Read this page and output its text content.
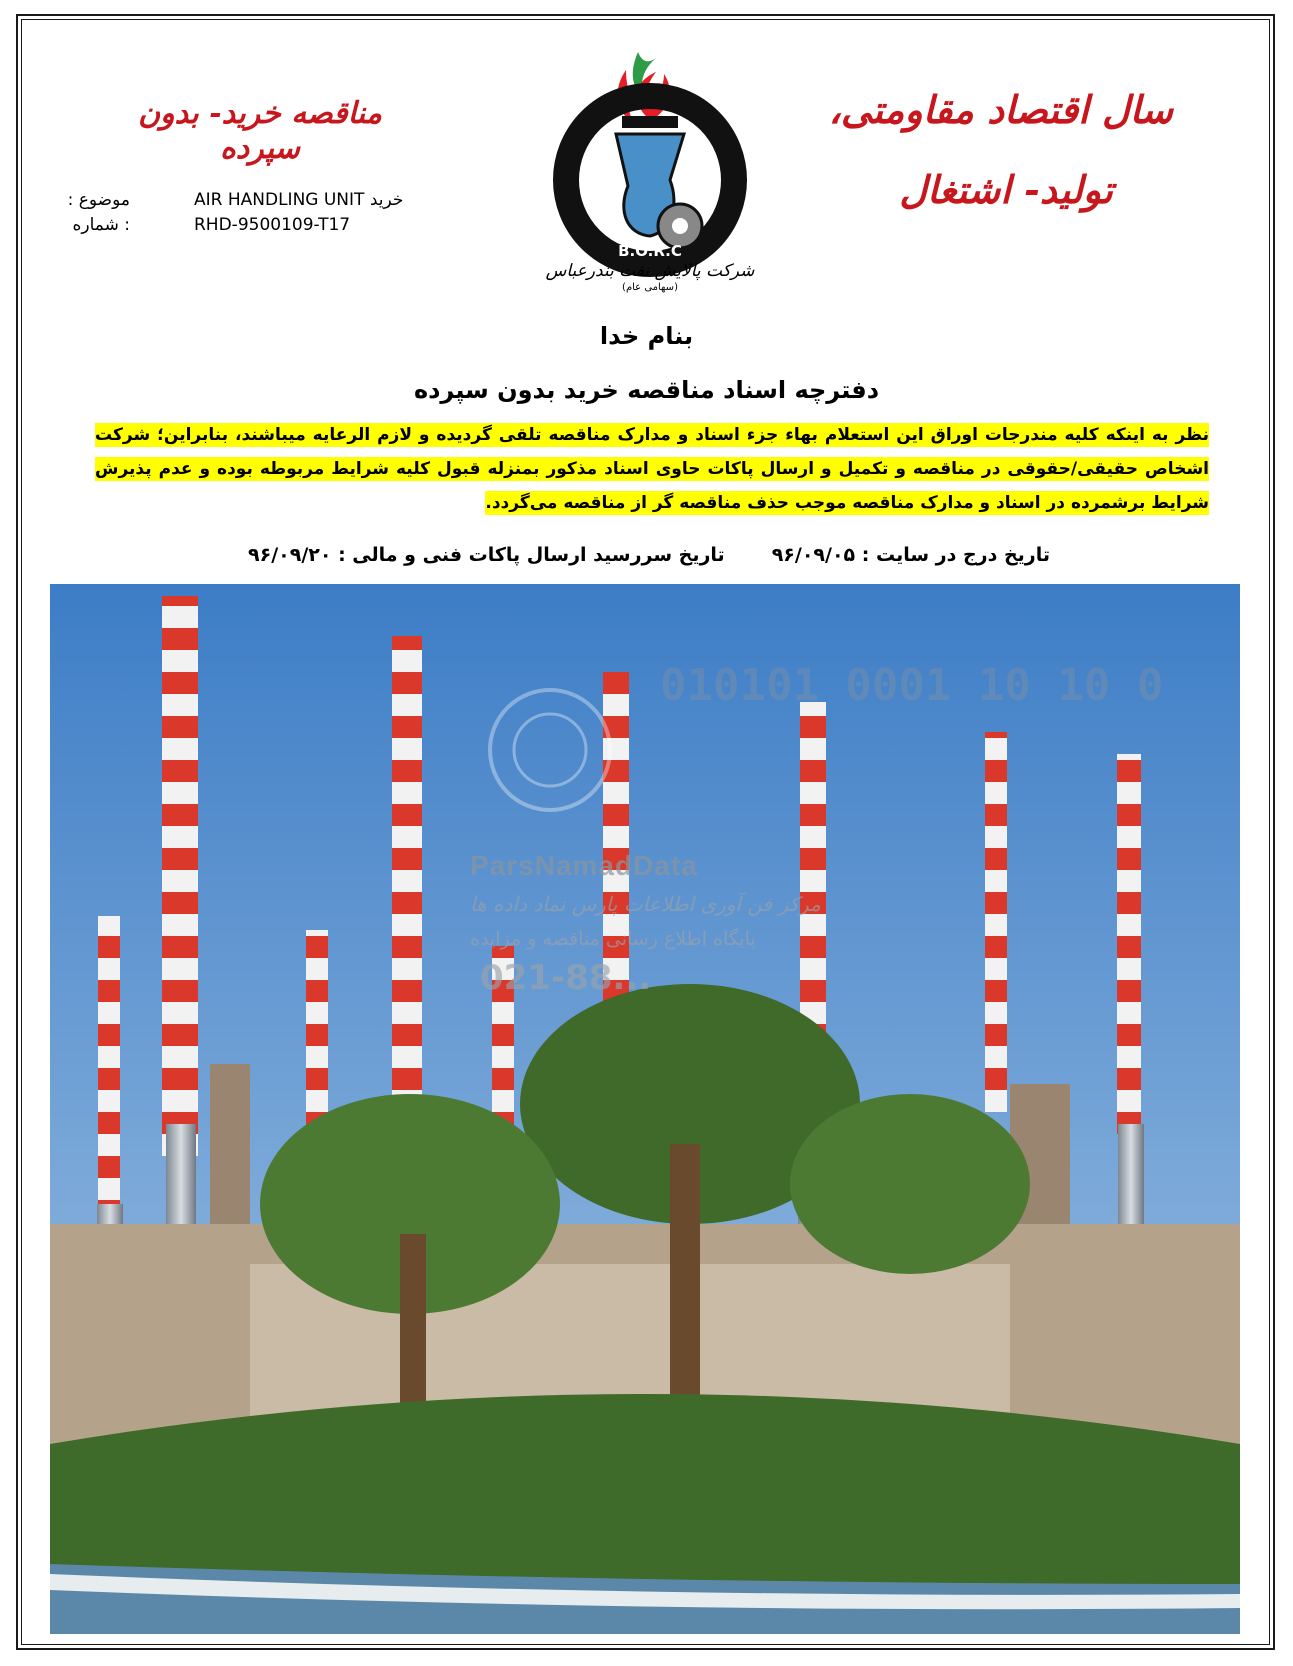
سال اقتصاد مقاومتی،
تولید- اشتغال
مناقصه خرید- بدون سپرده
موضوع :	AIR HANDLING UNIT خرید
: شماره	RHD-9500109-T17
B.O.R.C
شرکت پالایش نفت بندرعباس
(سهامی عام)
بنام خدا
دفترچه اسناد مناقصه خرید بدون سپرده
نظر به اینکه کلیه مندرجات اوراق این استعلام بهاء جزء اسناد و مدارک مناقصه تلقی گردیده و لازم الرعایه میباشند، بنابراین؛ شرکت اشخاص حقیقی/حقوقی در مناقصه و تکمیل و ارسال پاکات حاوی اسناد مذکور بمنزله قبول کلیه شرایط مربوطه بوده و عدم پذیرش شرایط برشمرده در اسناد و مدارک مناقصه موجب حذف مناقصه گر از مناقصه می‌گردد.
تاریخ درج در سایت : ۹۶/۰۹/۰۵
تاریخ سررسید ارسال پاکات فنی و مالی : ۹۶/۰۹/۲۰
010101 0001 10 10 0
ParsNamadData
مرکز فن آوری اطلاعات پارس نماد داده ها
پایگاه اطلاع رسانی مناقصه و مزایده
021-88...
